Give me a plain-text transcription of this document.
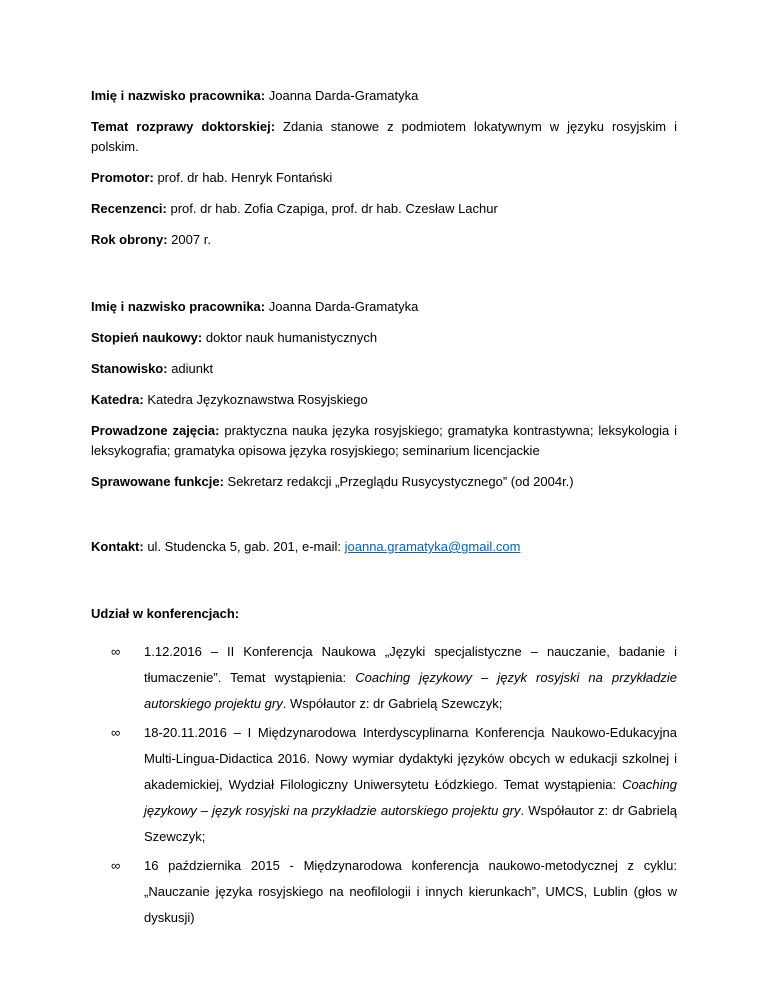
Imię i nazwisko pracownika: Joanna Darda-Gramatyka

Temat rozprawy doktorskiej: Zdania stanowe z podmiotem lokatywnym w języku rosyjskim i polskim.

Promotor: prof. dr hab. Henryk Fontański

Recenzenci: prof. dr hab. Zofia Czapiga, prof. dr hab. Czesław Lachur

Rok obrony: 2007 r.

Imię i nazwisko pracownika: Joanna Darda-Gramatyka

Stopień naukowy: doktor nauk humanistycznych

Stanowisko: adiunkt

Katedra: Katedra Językoznawstwa Rosyjskiego

Prowadzone zajęcia: praktyczna nauka języka rosyjskiego; gramatyka kontrastywna; leksykologia i leksykografia; gramatyka opisowa języka rosyjskiego; seminarium licencjackie

Sprawowane funkcje: Sekretarz redakcji „Przeglądu Rusycystycznego” (od 2004r.)

Kontakt: ul. Studencka 5, gab. 201, e-mail: joanna.gramatyka@gmail.com

Udział w konferencjach:

∞ 1.12.2016 – II Konferencja Naukowa „Języki specjalistyczne – nauczanie, badanie i tłumaczenie”. Temat wystąpienia: Coaching językowy – język rosyjski na przykładzie autorskiego projektu gry. Współautor z: dr Gabrielą Szewczyk;
∞ 18-20.11.2016 – I Międzynarodowa Interdyscyplinarna Konferencja Naukowo-Edukacyjna Multi-Lingua-Didactica 2016. Nowy wymiar dydaktyki języków obcych w edukacji szkolnej i akademickiej, Wydział Filologiczny Uniwersytetu Łódzkiego. Temat wystąpienia: Coaching językowy – język rosyjski na przykładzie autorskiego projektu gry. Współautor z: dr Gabrielą Szewczyk;
∞ 16 października 2015 - Międzynarodowa konferencja naukowo-metodycznej z cyklu: „Nauczanie języka rosyjskiego na neofilologii i innych kierunkach”, UMCS, Lublin (głos w dyskusji)
